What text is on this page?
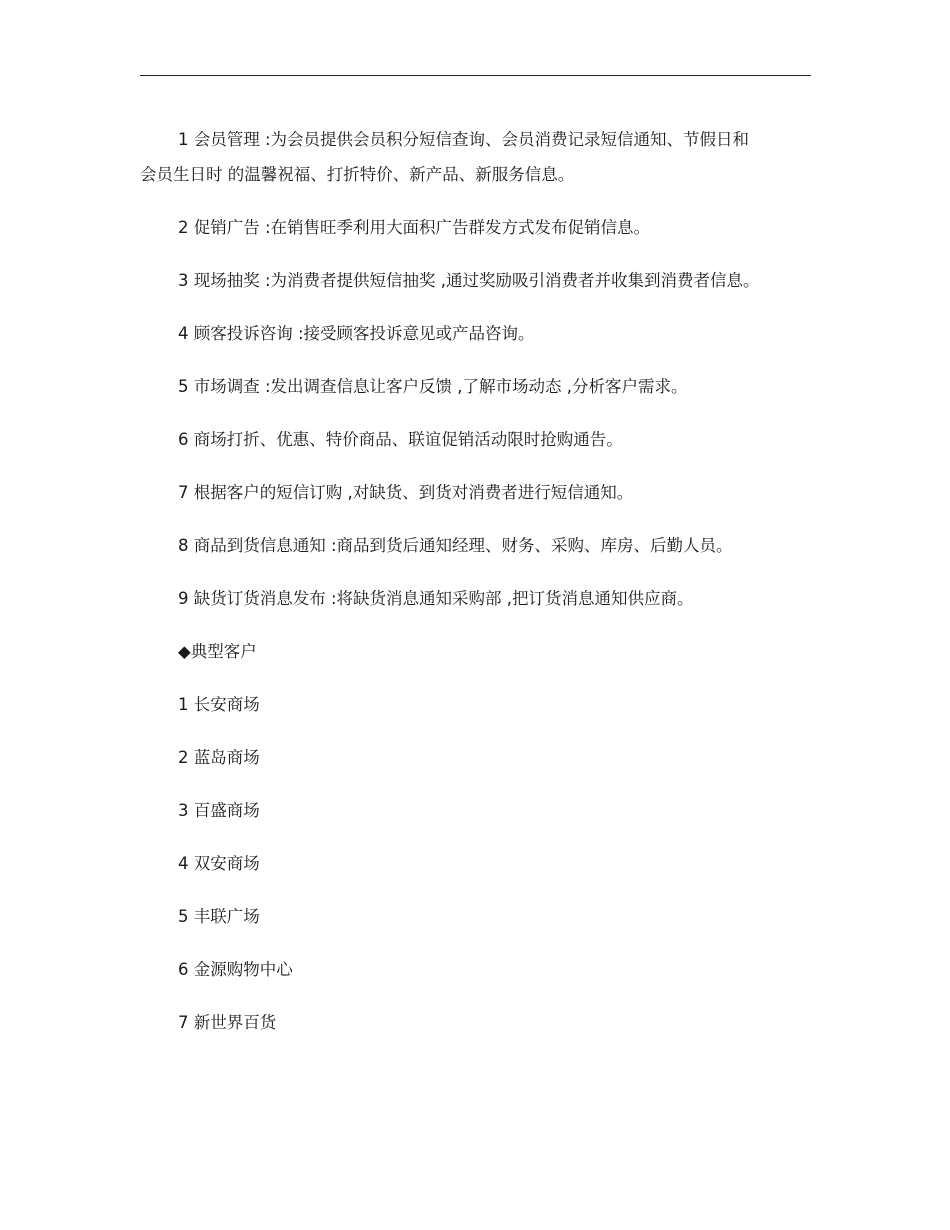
1 会员管理 :为会员提供会员积分短信查询、会员消费记录短信通知、节假日和会员生日时 的温馨祝福、打折特价、新产品、新服务信息。

2 促销广告 :在销售旺季利用大面积广告群发方式发布促销信息。

3 现场抽奖 :为消费者提供短信抽奖 ,通过奖励吸引消费者并收集到消费者信息。

4 顾客投诉咨询 :接受顾客投诉意见或产品咨询。

5 市场调查 :发出调查信息让客户反馈 ,了解市场动态 ,分析客户需求。

6 商场打折、优惠、特价商品、联谊促销活动限时抢购通告。

7 根据客户的短信订购 ,对缺货、到货对消费者进行短信通知。

8 商品到货信息通知 :商品到货后通知经理、财务、采购、库房、后勤人员。

9 缺货订货消息发布 :将缺货消息通知采购部 ,把订货消息通知供应商。

◆典型客户

1 长安商场

2 蓝岛商场

3 百盛商场

4 双安商场

5 丰联广场

6 金源购物中心

7 新世界百货
